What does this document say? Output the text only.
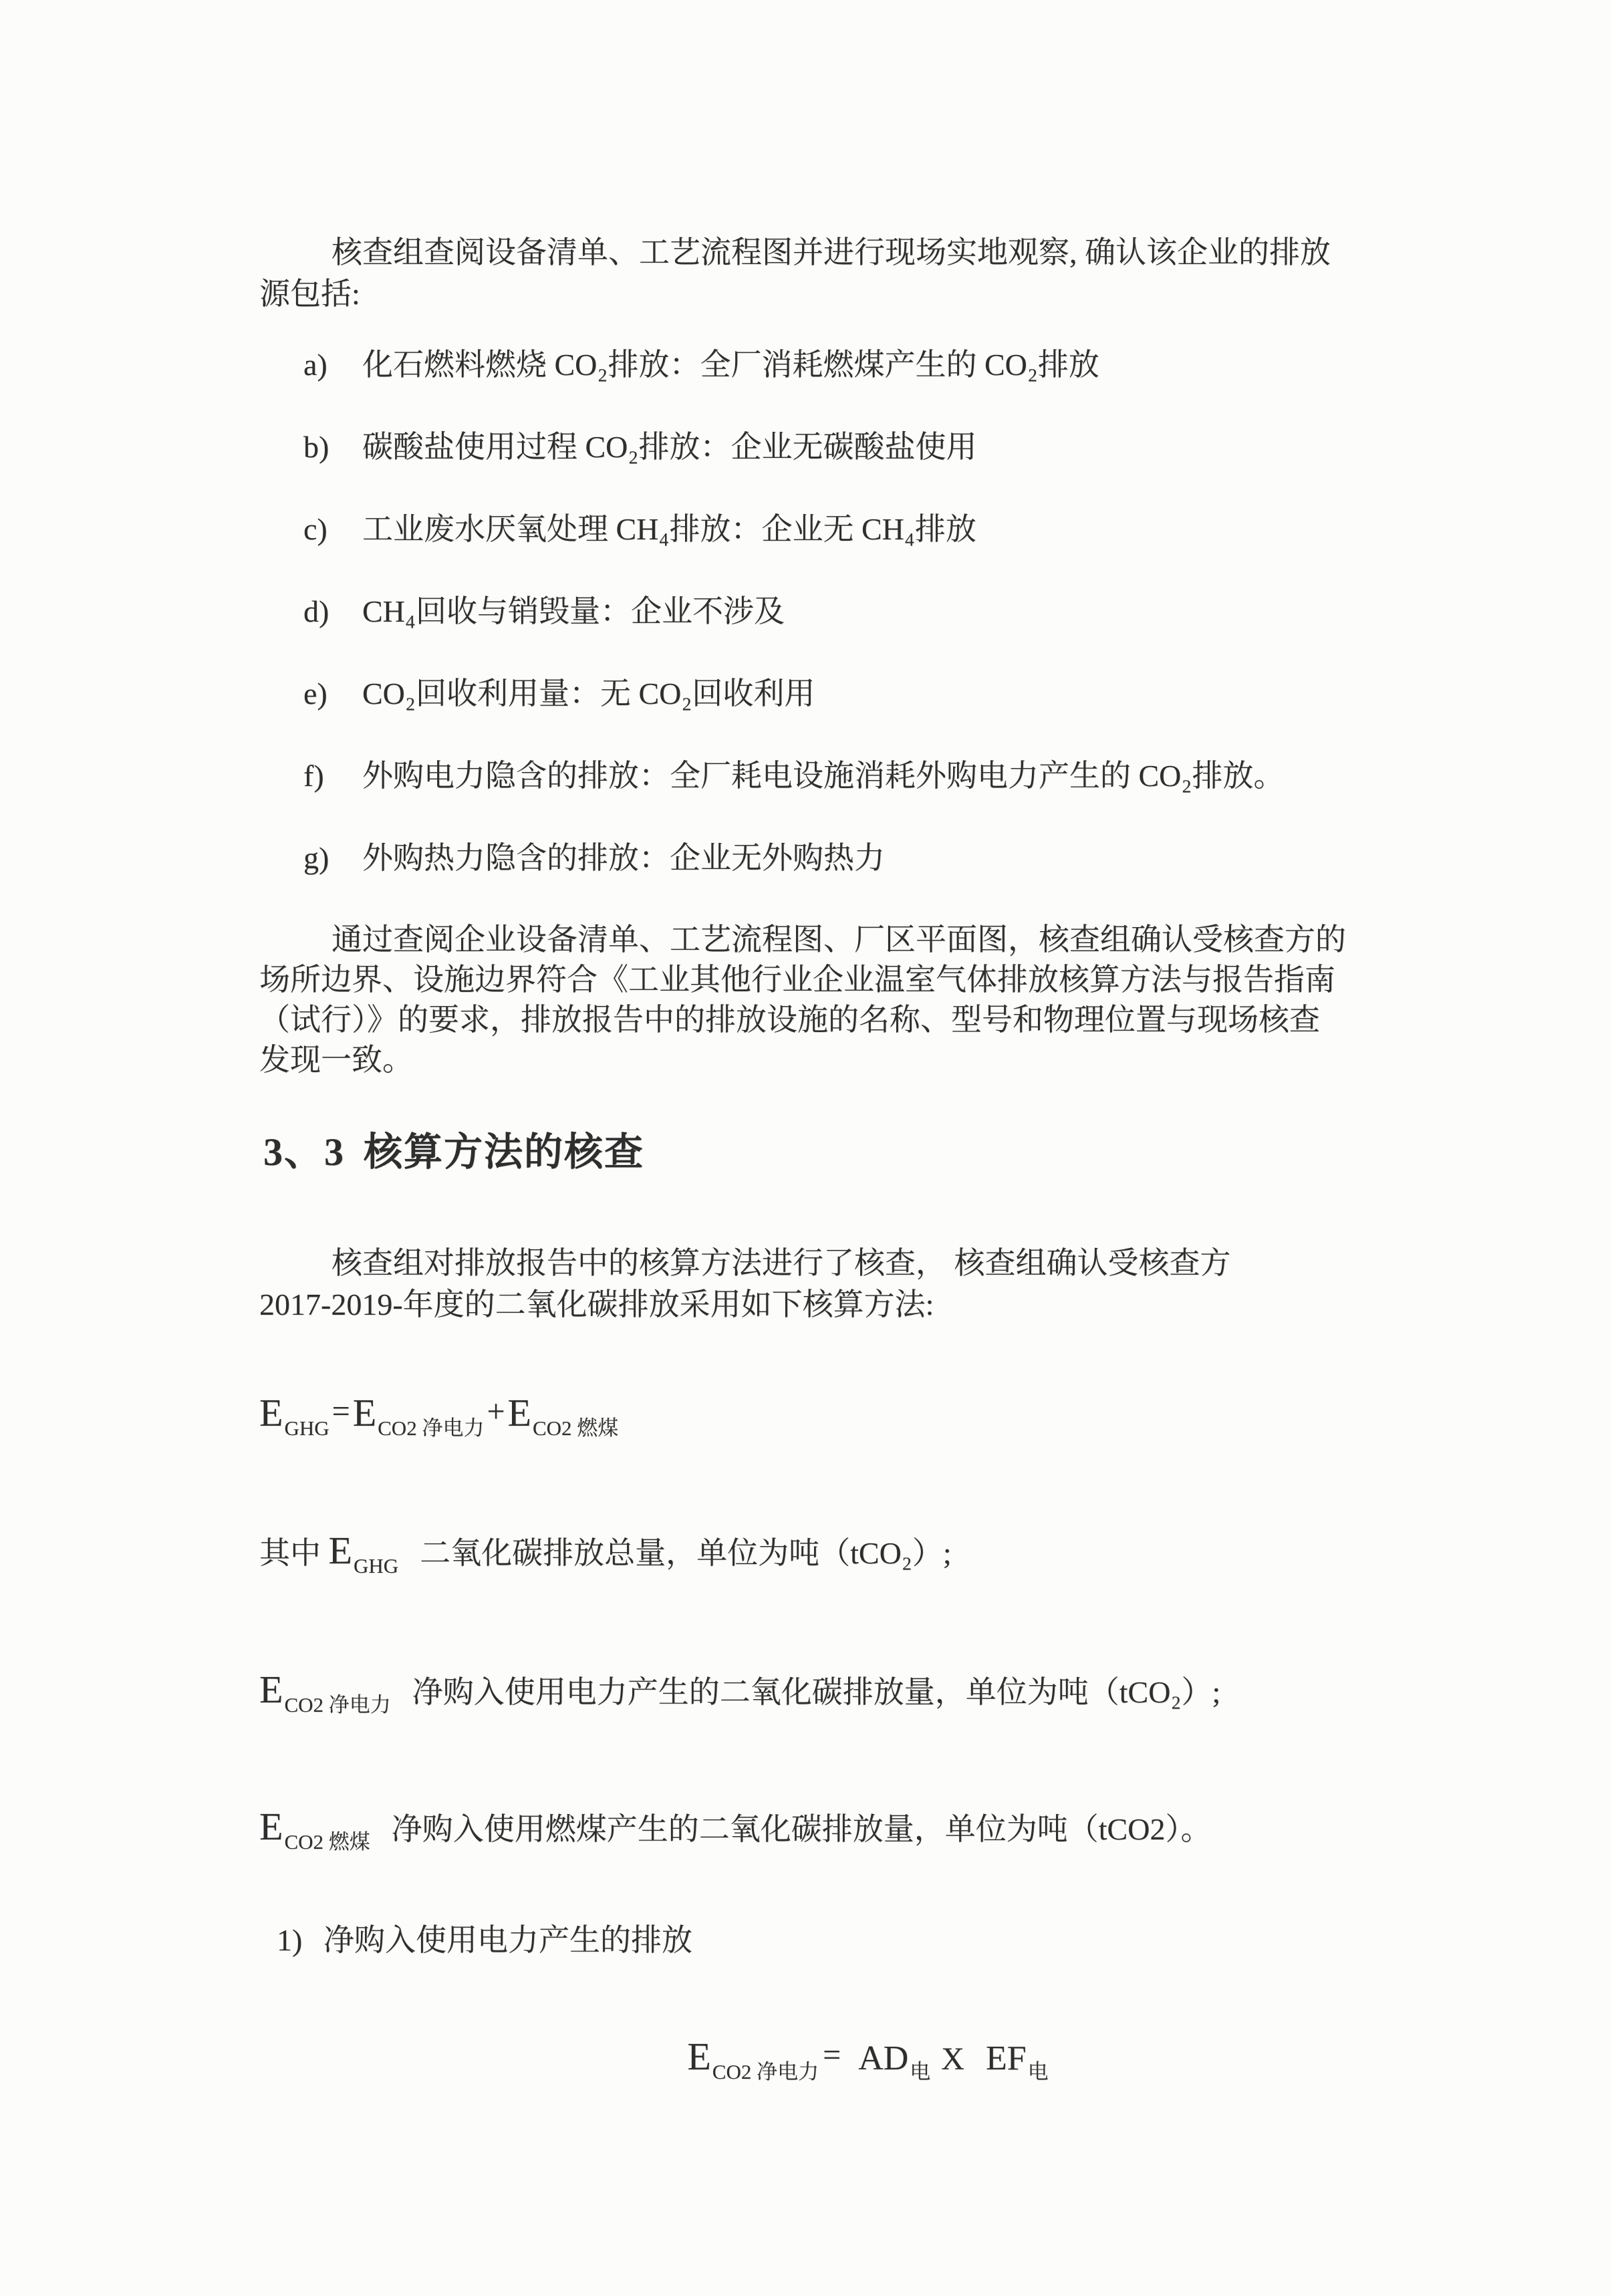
核查组查阅设备清单、工艺流程图并进行现场实地观察, 确认该企业的排放
源包括:
a) 化石燃料燃烧 CO₂排放：全厂消耗燃煤产生的 CO₂排放
b) 碳酸盐使用过程 CO₂排放：企业无碳酸盐使用
c) 工业废水厌氧处理 CH₄排放：企业无 CH₄排放
d) CH₄回收与销毁量：企业不涉及
e) CO₂回收利用量：无 CO₂回收利用
f) 外购电力隐含的排放：全厂耗电设施消耗外购电力产生的 CO₂排放。
g) 外购热力隐含的排放：企业无外购热力
通过查阅企业设备清单、工艺流程图、厂区平面图，核查组确认受核查方的
场所边界、设施边界符合《工业其他行业企业温室气体排放核算方法与报告指南
（试行）》的要求，排放报告中的排放设施的名称、型号和物理位置与现场核查
发现一致。
3、3 核算方法的核查
核查组对排放报告中的核算方法进行了核查， 核查组确认受核查方
2017-2019-年度的二氧化碳排放采用如下核算方法:
$E_{GHG}=E_{CO2 净电力}+E_{CO2 燃煤}$
其中 $E_{GHG}$ 二氧化碳排放总量，单位为吨（tCO₂）;
$E_{CO2 净电力}$ 净购入使用电力产生的二氧化碳排放量，单位为吨（tCO₂）;
$E_{CO2 燃煤}$ 净购入使用燃煤产生的二氧化碳排放量，单位为吨（tCO2）。
1) 净购入使用电力产生的排放
$E_{CO2 净电力} = AD_电$ X $EF_电$
